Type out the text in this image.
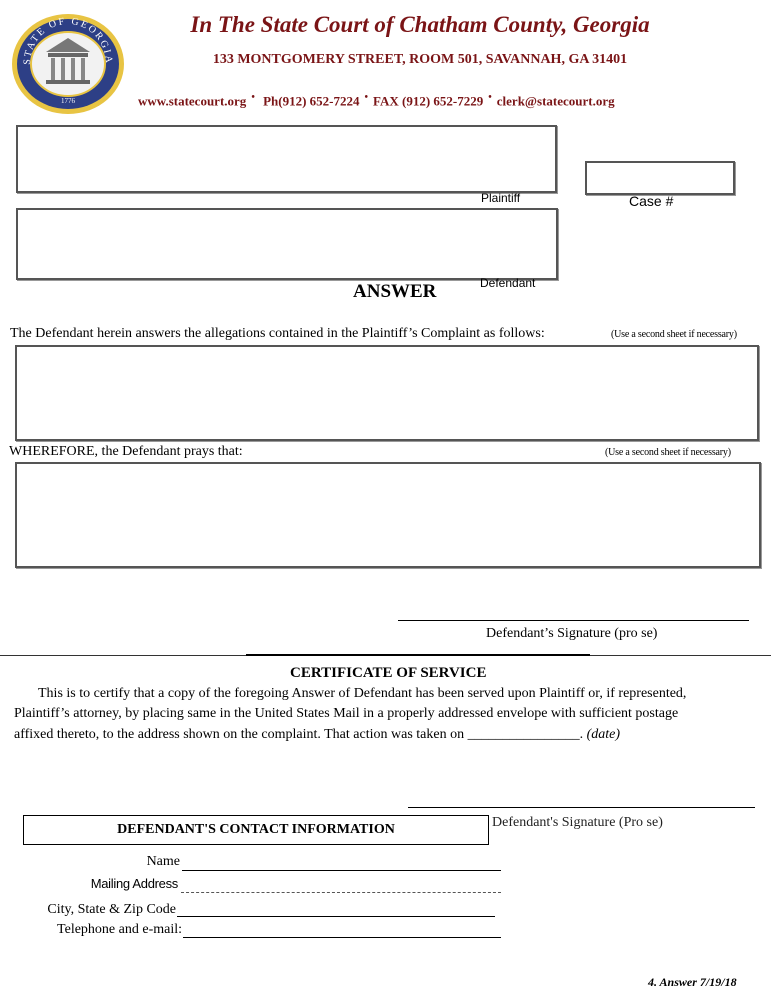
STATE OF GEORGIA
1776
In The State Court of Chatham County, Georgia
133 MONTGOMERY STREET, ROOM 501, SAVANNAH, GA 31401
www.statecourt.org • Ph(912) 652-7224 • FAX (912) 652-7229 • clerk@statecourt.org
Plaintiff	Case #
Defendant
ANSWER
The Defendant herein answers the allegations contained in the Plaintiff’s Complaint as follows:	(Use a second sheet if necessary)
WHEREFORE, the Defendant prays that:	(Use a second sheet if necessary)
Defendant’s Signature (pro se)
CERTIFICATE OF SERVICE
This is to certify that a copy of the foregoing Answer of Defendant has been served upon Plaintiff or, if represented,
Plaintiff’s attorney, by placing same in the United States Mail in a properly addressed envelope with sufficient postage
affixed thereto, to the address shown on the complaint. That action was taken on ________________. (date)
Defendant's Signature (Pro se)
DEFENDANT'S CONTACT INFORMATION
Name
Mailing Address
City, State & Zip Code
Telephone and e-mail:
4. Answer 7/19/18
